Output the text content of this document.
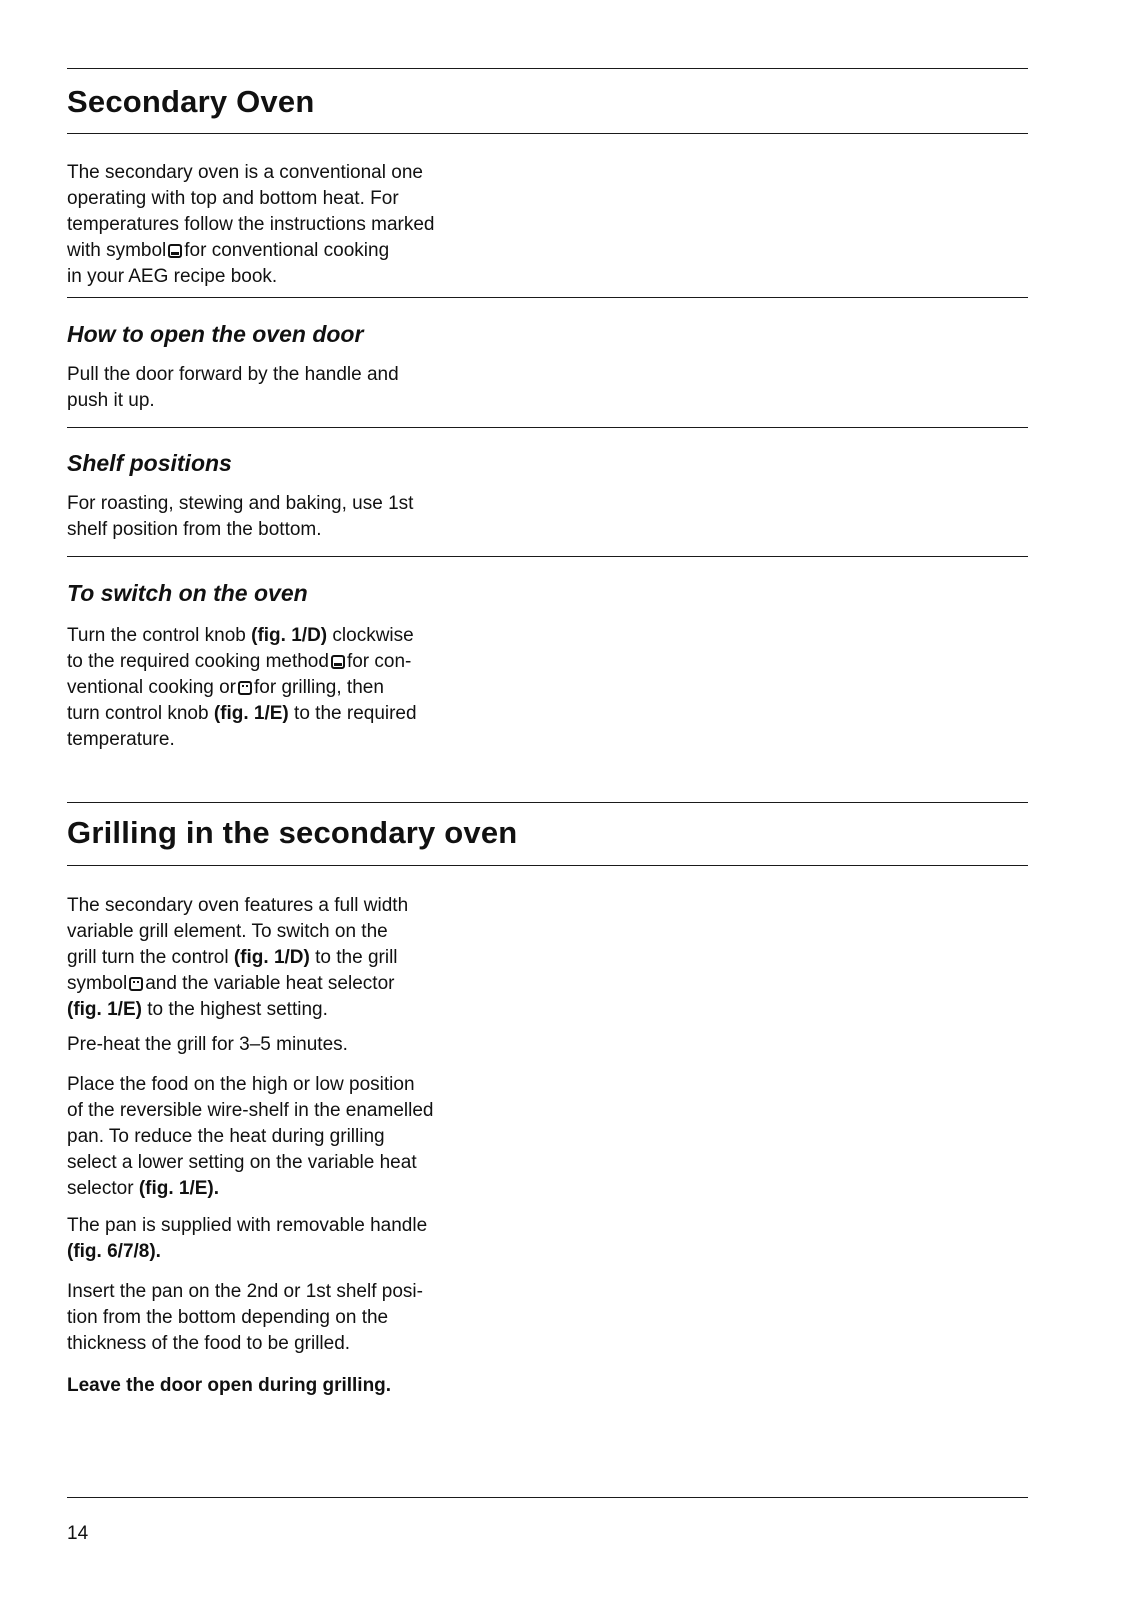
Secondary Oven
The secondary oven is a conventional one
operating with top and bottom heat. For
temperatures follow the instructions marked
with symbol for conventional cooking
in your AEG recipe book.
How to open the oven door
Pull the door forward by the handle and
push it up.
Shelf positions
For roasting, stewing and baking, use 1st
shelf position from the bottom.
To switch on the oven
Turn the control knob (fig. 1/D) clockwise
to the required cooking method for con-
ventional cooking or for grilling, then
turn control knob (fig. 1/E) to the required
temperature.
Grilling in the secondary oven
The secondary oven features a full width
variable grill element. To switch on the
grill turn the control (fig. 1/D) to the grill
symbol and the variable heat selector
(fig. 1/E) to the highest setting.
Pre-heat the grill for 3–5 minutes.
Place the food on the high or low position
of the reversible wire-shelf in the enamelled
pan. To reduce the heat during grilling
select a lower setting on the variable heat
selector (fig. 1/E).
The pan is supplied with removable handle
(fig. 6/7/8).
Insert the pan on the 2nd or 1st shelf posi-
tion from the bottom depending on the
thickness of the food to be grilled.
Leave the door open during grilling.

14
